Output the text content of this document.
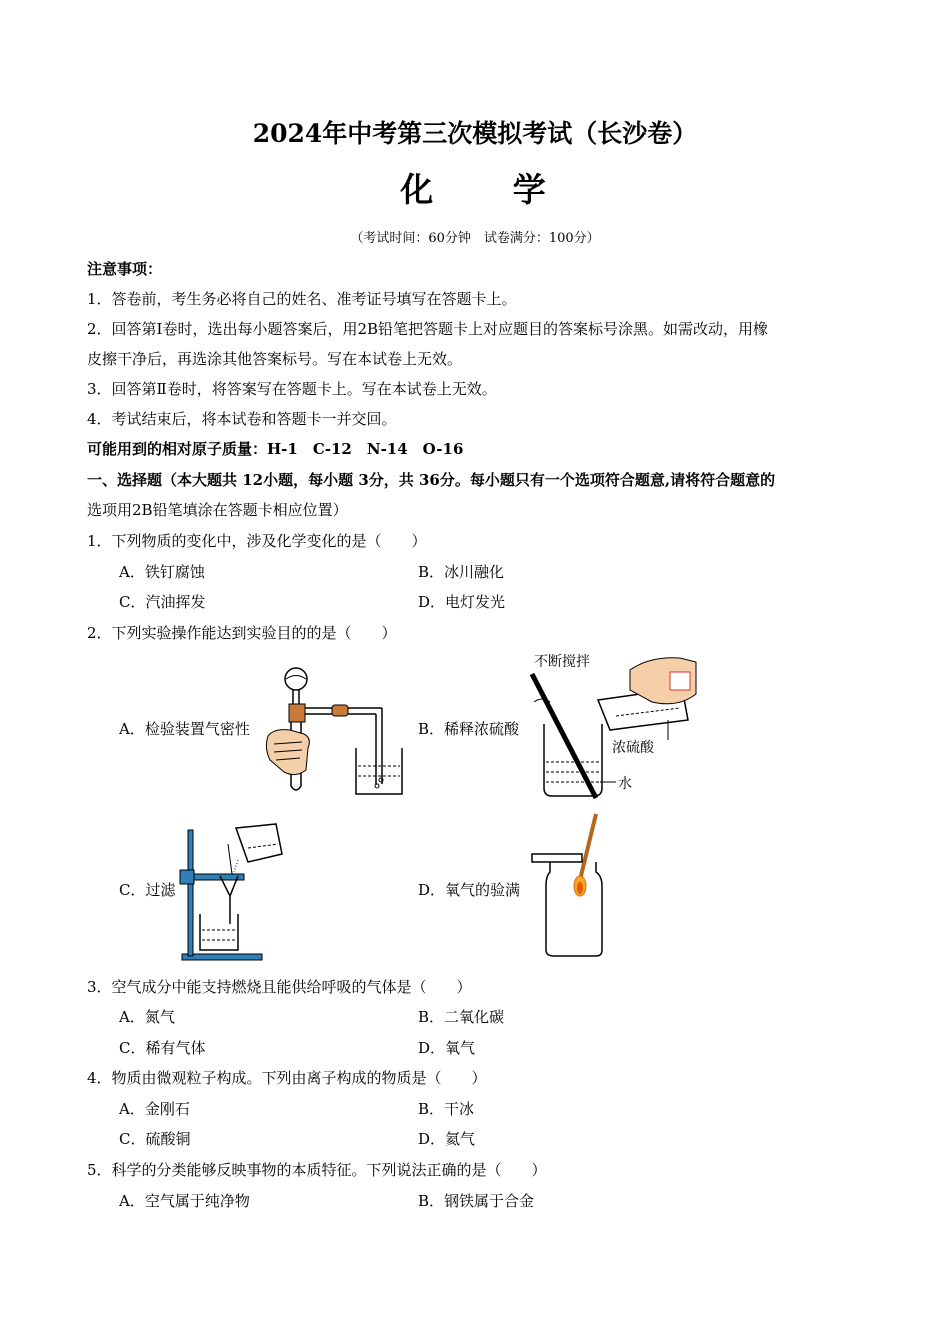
2024年中考第三次模拟考试（长沙卷）
化 学
（考试时间：60分钟　试卷满分：100分）
注意事项：
1．答卷前，考生务必将自己的姓名、准考证号填写在答题卡上。
2．回答第Ⅰ卷时，选出每小题答案后，用2B铅笔把答题卡上对应题目的答案标号涂黑。如需改动，用橡
皮擦干净后，再选涂其他答案标号。写在本试卷上无效。
3．回答第Ⅱ卷时，将答案写在答题卡上。写在本试卷上无效。
4．考试结束后，将本试卷和答题卡一并交回。
可能用到的相对原子质量：H-1　C-12　N-14　O-16
一、选择题（本大题共 12小题，每小题 3分，共 36分。每小题只有一个选项符合题意,请将符合题意的
选项用2B铅笔填涂在答题卡相应位置）
1．下列物质的变化中，涉及化学变化的是（　　）
A．铁钉腐蚀	B．冰川融化
C．汽油挥发	D．电灯发光
2．下列实验操作能达到实验目的的是（　　）
A．检验装置气密性	B．稀释浓硫酸
C．过滤	D．氧气的验满
不断搅拌
水
浓硫酸
3．空气成分中能支持燃烧且能供给呼吸的气体是（　　）
A．氮气	B．二氧化碳
C．稀有气体	D．氧气
4．物质由微观粒子构成。下列由离子构成的物质是（　　）
A．金刚石	B．干冰
C．硫酸铜	D．氦气
5．科学的分类能够反映事物的本质特征。下列说法正确的是（　　）
A．空气属于纯净物	B．钢铁属于合金
